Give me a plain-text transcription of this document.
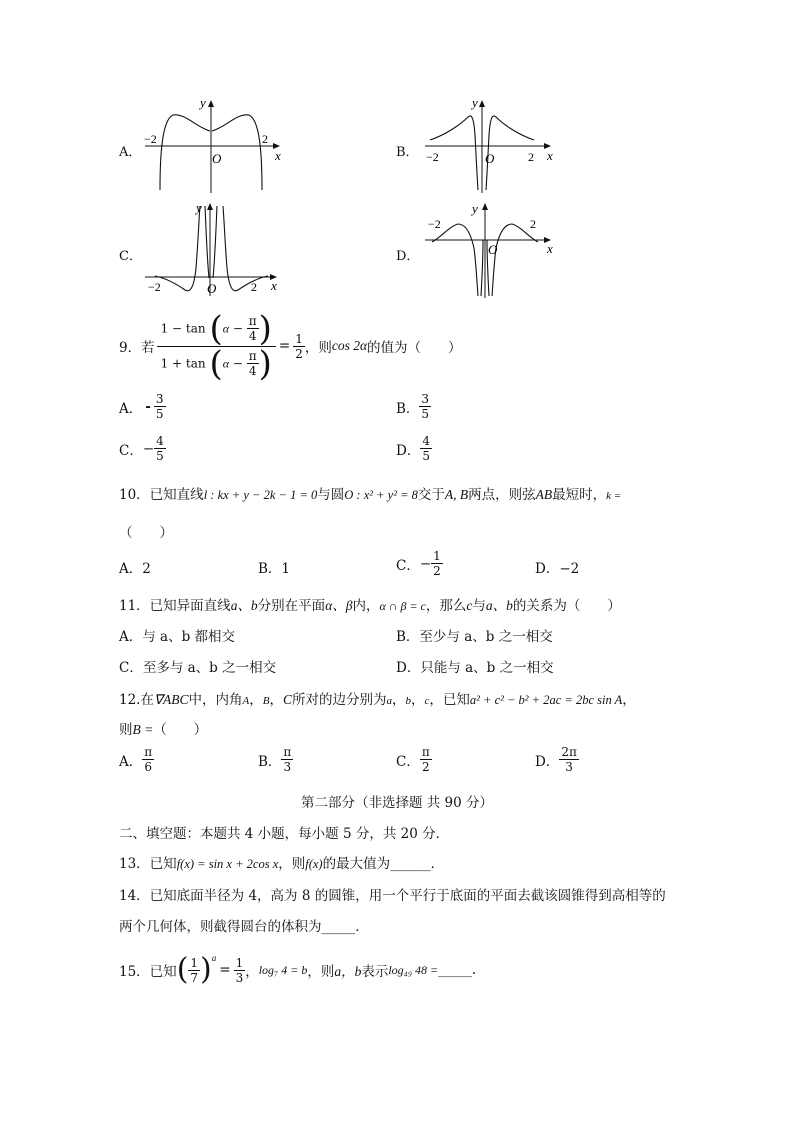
A．
y
−2	2
O	x	B．
y
−2	2
O	x
C．
y
−2	2
O	x
D．
y
−2	2
O	x
9．若 $\frac{1 - \tan (\alpha - \frac{\pi}{4} )}{1 + \tan (\alpha - \frac{\pi}{4} )} = \frac{1}{2}$ ，则 cos 2α 的值为（　　）
A． - $\frac{3}{5}$	B． $\frac{3}{5}$
C． − $\frac{4}{5}$	D． $\frac{4}{5}$
10．已知直线l : kx + y − 2k − 1 = 0与圆O : x² + y² = 8交于A, B两点，则弦AB最短时，k =
（　　）
A．2	B．1	C． − $\frac{1}{2}$	D．−2
11．已知异面直线a、b分别在平面α、β内，α ∩ β = c，那么c与a、b的关系为（　　）
A．与 a、b 都相交	B．至少与 a、b 之一相交
C．至多与 a、b 之一相交	D．只能与 a、b 之一相交
12.在∇ABC中，内角A，B，C所对的边分别为a，b，c，已知a² + c² − b² + 2ac = 2bc sin A，
则B =（　　）
A． $\frac{\pi}{6}$	B． $\frac{\pi}{3}$	C． $\frac{\pi}{2}$	D． $\frac{2\pi}{3}$
第二部分（非选择题 共 90 分）
二、填空题：本题共 4 小题，每小题 5 分，共 20 分．
13．已知f(x) = sin x + 2cos x，则f(x)的最大值为______．
14．已知底面半径为 4，高为 8 的圆锥，用一个平行于底面的平面去截该圆锥得到高相等的
两个几何体，则截得圆台的体积为_____．
15．已知 ( $\frac{1}{7} )^a$
= $\frac{1}{3}$ ， log₇ 4 = b ，则 a，b 表示 log₄₉ 48 = _____ .
